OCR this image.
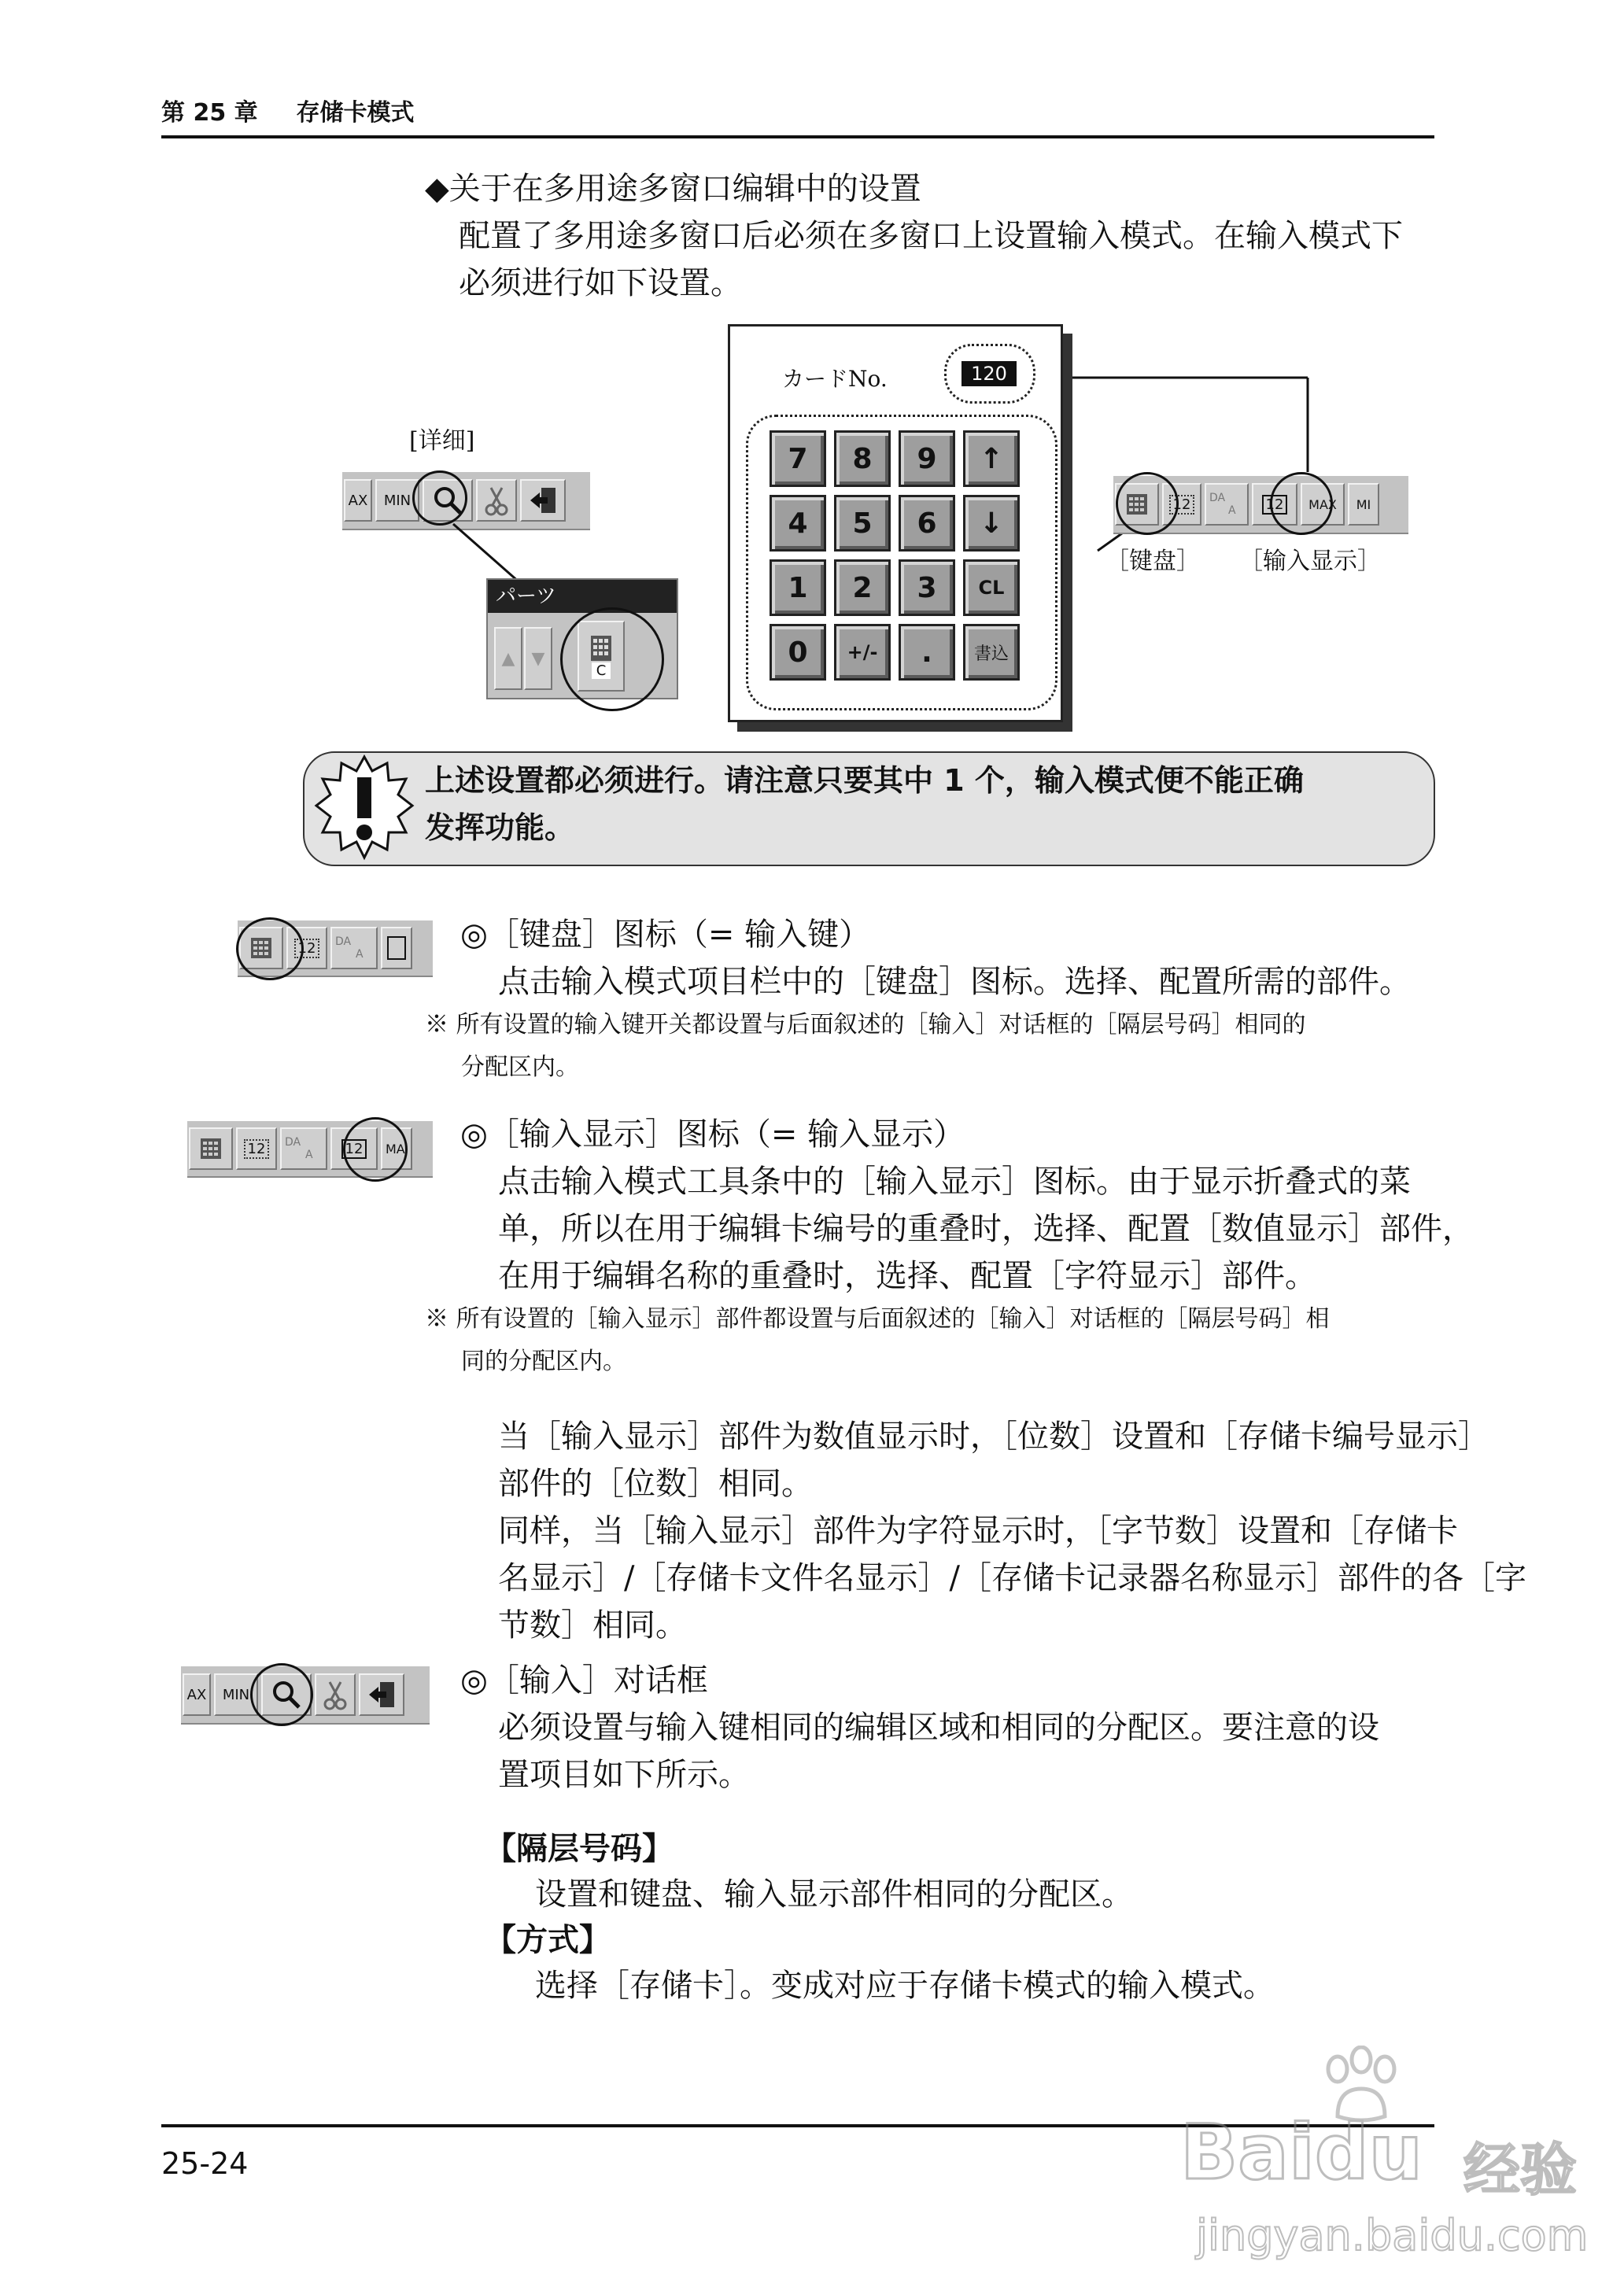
第 25 章 存储卡模式
◆关于在多用途多窗口编辑中的设置
配置了多用途多窗口后必须在多窗口上设置输入模式。在输入模式下
必须进行如下设置。
[详细]
AX	MIN
パーツ
▲ ▼
C
カードNo.	120
7	8	9	↑
4	5	6	↓
1	2	3	CL
0	+/-	.	書込
12	DA
A 12	MAX	MI
［键盘］ ［输入显示］
上述设置都必须进行。请注意只要其中 1 个，输入模式便不能正确
发挥功能。
12	DA
A
◎［键盘］图标（= 输入键）
点击输入模式项目栏中的［键盘］图标。选择、配置所需的部件。
※ 所有设置的输入键开关都设置与后面叙述的［输入］对话框的［隔层号码］相同的
分配区内。
12	DA
A 12	MA ◎［输入显示］图标（= 输入显示）
点击输入模式工具条中的［输入显示］图标。由于显示折叠式的菜
单，所以在用于编辑卡编号的重叠时，选择、配置［数值显示］部件，
在用于编辑名称的重叠时，选择、配置［字符显示］部件。
※ 所有设置的［输入显示］部件都设置与后面叙述的［输入］对话框的［隔层号码］相
同的分配区内。
当［输入显示］部件为数值显示时，［位数］设置和［存储卡编号显示］
部件的［位数］相同。
同样，当［输入显示］部件为字符显示时，［字节数］设置和［存储卡
名显示］/［存储卡文件名显示］/［存储卡记录器名称显示］部件的各［字
节数］相同。
AX	MIN	◎［输入］对话框
必须设置与输入键相同的编辑区域和相同的分配区。要注意的设
置项目如下所示。
【隔层号码】
设置和键盘、输入显示部件相同的分配区。
【方式】
选择［存储卡］。变成对应于存储卡模式的输入模式。
25-24	Baidu 经验
jingyan.baidu.com
